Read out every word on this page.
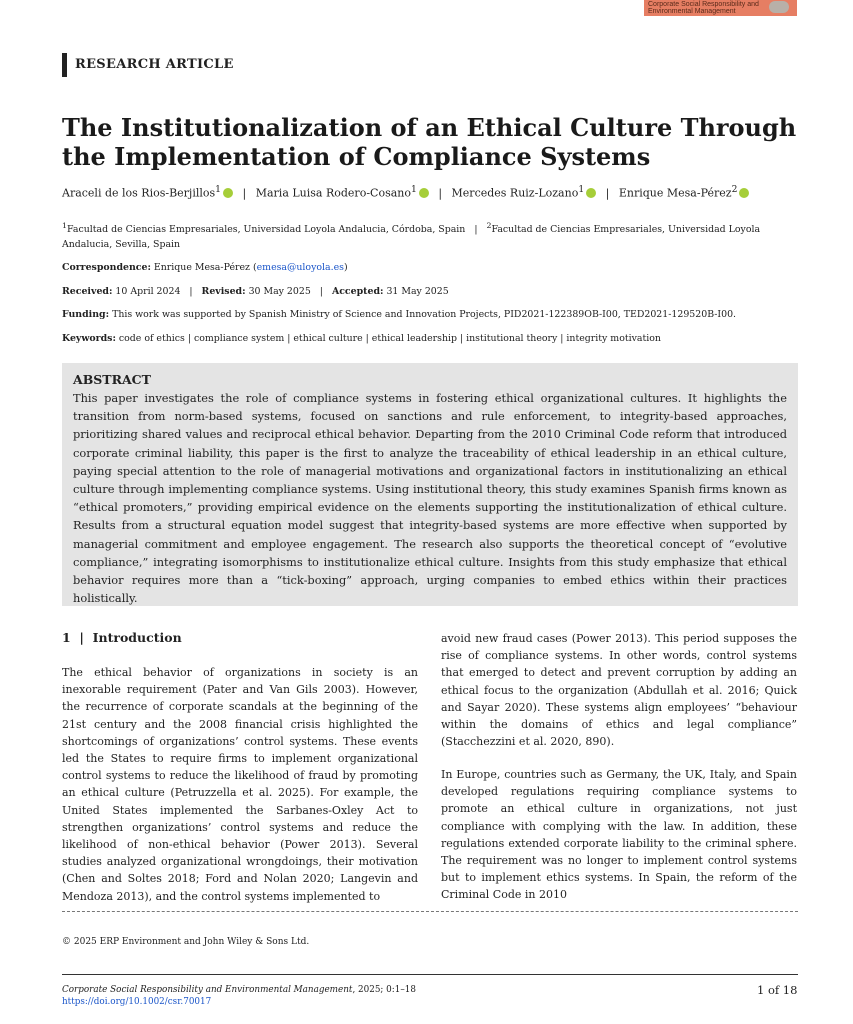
Corporate Social Responsibility and
Environmental Management
RESEARCH ARTICLE
The Institutionalization of an Ethical Culture Through the Implementation of Compliance Systems
Araceli de los Rios-Berjillos$^1$ | Maria Luisa Rodero-Cosano$^1$ | Mercedes Ruiz-Lozano$^1$ | Enrique Mesa-Pérez$^2$
$^1$Facultad de Ciencias Empresariales, Universidad Loyola Andalucia, Córdoba, Spain | $^2$Facultad de Ciencias Empresariales, Universidad Loyola Andalucia, Sevilla, Spain
Correspondence: Enrique Mesa-Pérez (emesa@uloyola.es)
Received: 10 April 2024 | Revised: 30 May 2025 | Accepted: 31 May 2025
Funding: This work was supported by Spanish Ministry of Science and Innovation Projects, PID2021-122389OB-I00, TED2021-129520B-I00.
Keywords: code of ethics | compliance system | ethical culture | ethical leadership | institutional theory | integrity motivation
ABSTRACT
This paper investigates the role of compliance systems in fostering ethical organizational cultures. It highlights the transition from norm-based systems, focused on sanctions and rule enforcement, to integrity-based approaches, prioritizing shared values and reciprocal ethical behavior. Departing from the 2010 Criminal Code reform that introduced corporate criminal liability, this paper is the first to analyze the traceability of ethical leadership in an ethical culture, paying special attention to the role of managerial motivations and organizational factors in institutionalizing an ethical culture through implementing compliance systems. Using institutional theory, this study examines Spanish firms known as “ethical promoters,” providing empirical evidence on the elements supporting the institutionalization of ethical culture. Results from a structural equation model suggest that integrity-based systems are more effective when supported by managerial commitment and employee engagement. The research also supports the theoretical concept of “evolutive compliance,” integrating isomorphisms to institutionalize ethical culture. Insights from this study emphasize that ethical behavior requires more than a “tick-boxing” approach, urging companies to embed ethics within their practices holistically.
1  |  Introduction
The ethical behavior of organizations in society is an inexorable requirement (Pater and Van Gils 2003). However, the recurrence of corporate scandals at the beginning of the 21st century and the 2008 financial crisis highlighted the shortcomings of organizations’ control systems. These events led the States to require firms to implement organizational control systems to reduce the likelihood of fraud by promoting an ethical culture (Petruzzella et al. 2025). For example, the United States implemented the Sarbanes-Oxley Act to strengthen organizations’ control systems and reduce the likelihood of non-ethical behavior (Power 2013). Several studies analyzed organizational wrongdoings, their motivation (Chen and Soltes 2018; Ford and Nolan 2020; Langevin and Mendoza 2013), and the control systems implemented to
avoid new fraud cases (Power 2013). This period supposes the rise of compliance systems. In other words, control systems that emerged to detect and prevent corruption by adding an ethical focus to the organization (Abdullah et al. 2016; Quick and Sayar 2020). These systems align employees’ “behaviour within the domains of ethics and legal compliance” (Stacchezzini et al. 2020, 890).
In Europe, countries such as Germany, the UK, Italy, and Spain developed regulations requiring compliance systems to promote an ethical culture in organizations, not just compliance with complying with the law. In addition, these regulations extended corporate liability to the criminal sphere. The requirement was no longer to implement control systems but to implement ethics systems. In Spain, the reform of the Criminal Code in 2010
© 2025 ERP Environment and John Wiley & Sons Ltd.
Corporate Social Responsibility and Environmental Management, 2025; 0:1–18
https://doi.org/10.1002/csr.70017
1 of 18
